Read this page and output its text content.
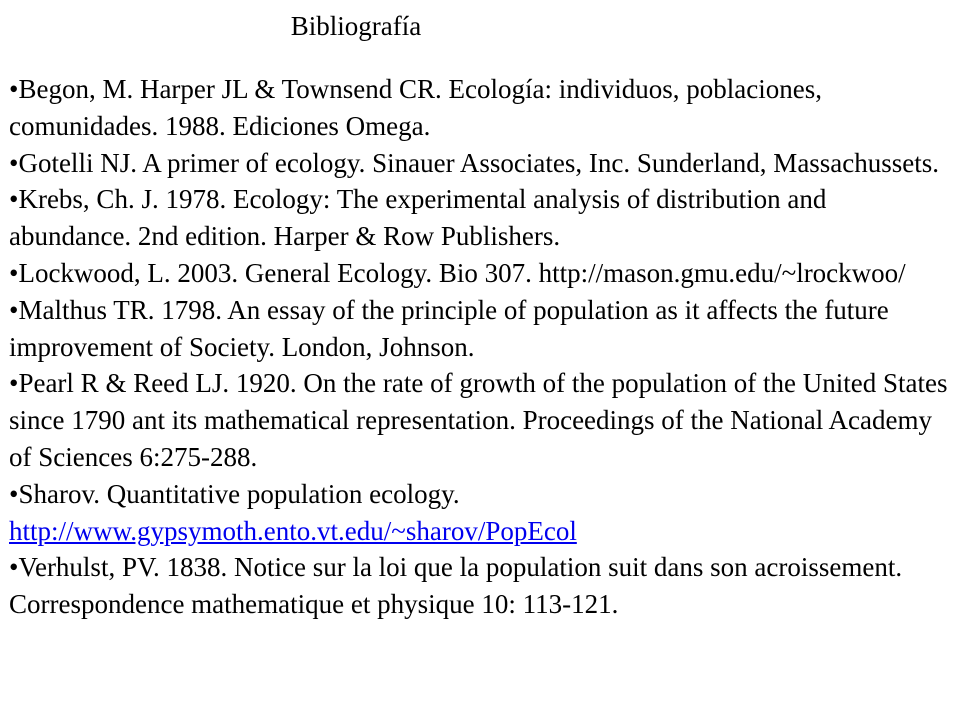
Bibliografía
•Begon, M. Harper JL & Townsend CR. Ecología: individuos, poblaciones, comunidades. 1988. Ediciones Omega.
•Gotelli NJ. A primer of ecology. Sinauer Associates, Inc. Sunderland, Massachussets.
•Krebs, Ch. J. 1978. Ecology: The experimental analysis of distribution and abundance. 2nd edition. Harper & Row Publishers.
•Lockwood, L. 2003. General Ecology. Bio 307. http://mason.gmu.edu/~lrockwoo/
•Malthus TR. 1798. An essay of the principle of population as it affects the future improvement of Society. London, Johnson.
•Pearl R & Reed LJ. 1920. On the rate of growth of the population of the United States since 1790 ant its mathematical representation. Proceedings of the National Academy of Sciences 6:275-288.
•Sharov. Quantitative population ecology. http://www.gypsymoth.ento.vt.edu/~sharov/PopEcol
•Verhulst, PV. 1838. Notice sur la loi que la population suit dans son acroissement. Correspondence mathematique et physique 10: 113-121.
